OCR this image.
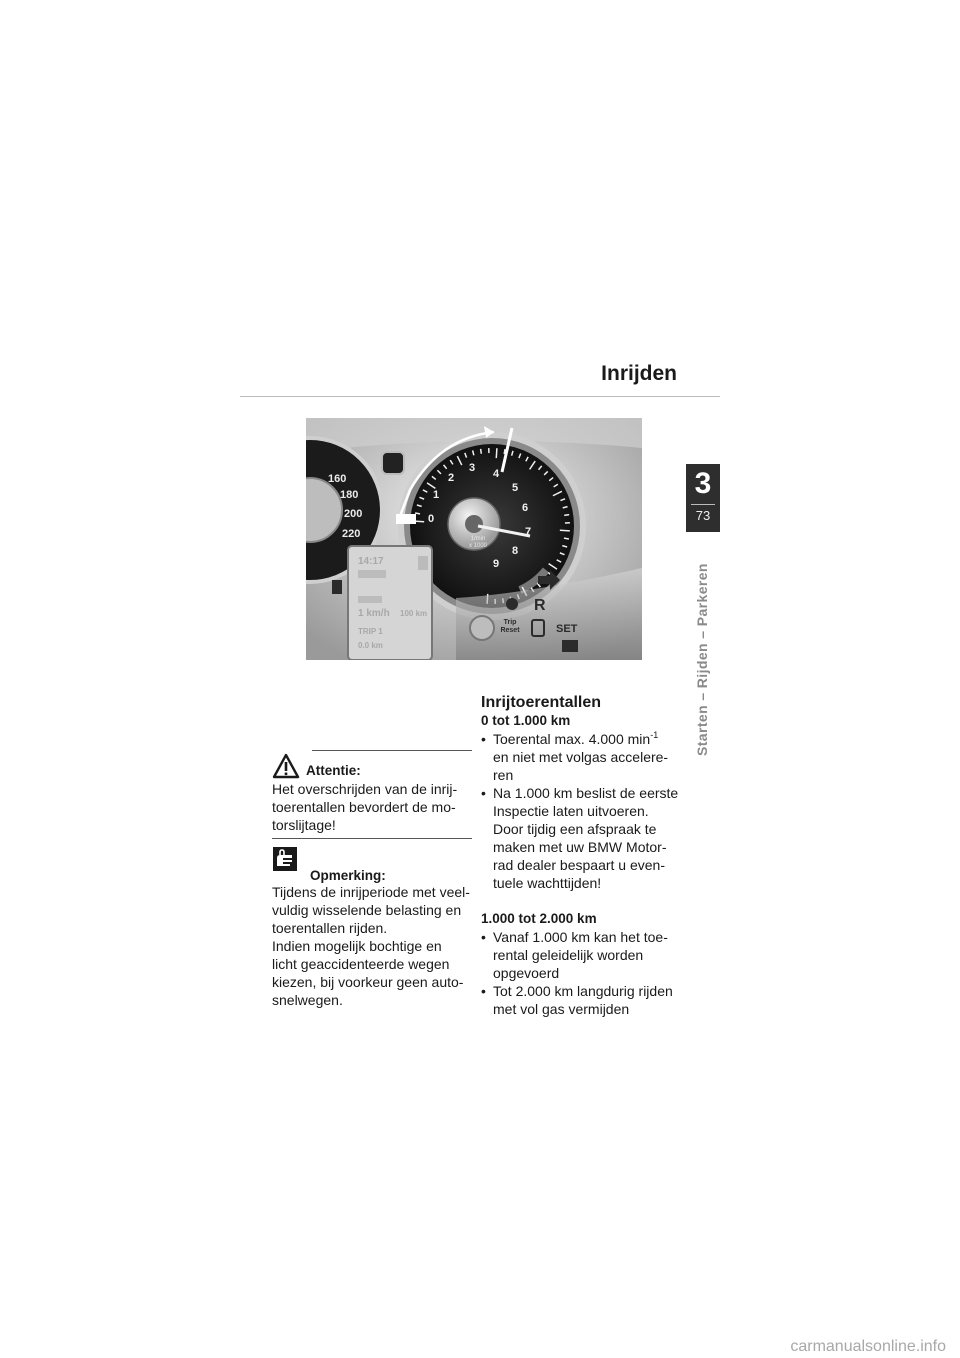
Inrijden
3
73
Starten – Rijden – Parkeren
160
180
200
220
0
1
2
3 4
5
6
7
8
9
1/min
x 1000
14:17
1 km/h 100 km
TRIP 1
0.0 km
R
Trip
Reset	SET
Attentie:

Het overschrijden van de inrij-

toerentallen bevordert de mo-

torslijtage!

Opmerking:

Tijdens de inrijperiode met veel-

vuldig wisselende belasting en

toerentallen rijden.

Indien mogelijk bochtige en

licht geaccidenteerde wegen

kiezen, bij voorkeur geen auto-

snelwegen.

Inrijtoerentallen
0 tot 1.000 km
• Toerental max. 4.000 $\min^{-1}$
en niet met volgas accelere-
ren
• Na 1.000 km beslist de eerste
Inspectie laten uitvoeren.
Door tijdig een afspraak te
maken met uw BMW Motor-
rad dealer bespaart u even-
tuele wachttijden!
1.000 tot 2.000 km
• Vanaf 1.000 km kan het toe-
rental geleidelijk worden
opgevoerd
• Tot 2.000 km langdurig rijden
met vol gas vermijden
carmanualsonline.info
